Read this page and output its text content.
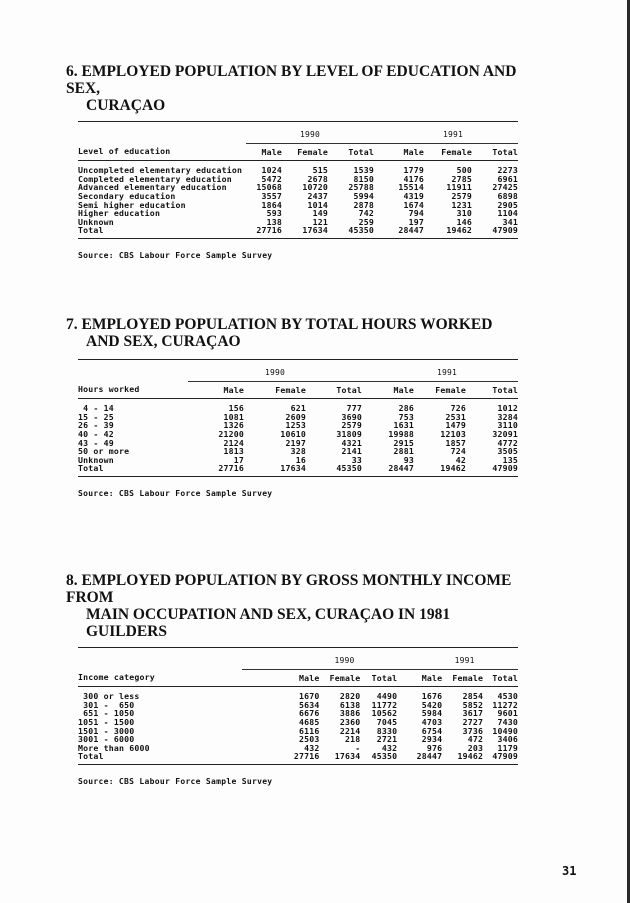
6. EMPLOYED POPULATION BY LEVEL OF EDUCATION AND SEX,
CURAÇAO

	1990			1991		
Level of education	Male	Female	Total	Male	Female	Total
Uncompleted elementary education	1024	515	1539	1779	500	2273
Completed elementary education	5472	2678	8150	4176	2785	6961
Advanced elementary education	15068	10720	25788	15514	11911	27425
Secondary education	3557	2437	5994	4319	2579	6898
Semi higher education	1864	1014	2878	1674	1231	2905
Higher education	593	149	742	794	310	1104
Unknown	138	121	259	197	146	341
Total	27716	17634	45350	28447	19462	47909
Source: CBS Labour Force Sample Survey
7. EMPLOYED POPULATION BY TOTAL HOURS WORKED
AND SEX, CURAÇAO

	1990			1991		
Hours worked	Male	Female	Total	Male	Female	Total
4 - 14	156	621	777	286	726	1012
15 - 25	1081	2609	3690	753	2531	3284
26 - 39	1326	1253	2579	1631	1479	3110
40 - 42	21200	10610	31809	19988	12103	32091
43 - 49	2124	2197	4321	2915	1857	4772
50 or more	1813	328	2141	2881	724	3505
Unknown	17	16	33	93	42	135
Total	27716	17634	45350	28447	19462	47909
Source: CBS Labour Force Sample Survey
8. EMPLOYED POPULATION BY GROSS MONTHLY INCOME FROM
MAIN OCCUPATION AND SEX, CURAÇAO IN 1981 GUILDERS

	1990			1991		
Income category	Male	Female	Total	Male	Female	Total
300 or less	1670	2820	4490	1676	2854	4530
301 -  650	5634	6138	11772	5420	5852	11272
651 - 1050	6676	3886	10562	5984	3617	9601
1051 - 1500	4685	2360	7045	4703	2727	7430
1501 - 3000	6116	2214	8330	6754	3736	10490
3001 - 6000	2503	218	2721	2934	472	3406
More than 6000	432	-	432	976	203	1179
Total	27716	17634	45350	28447	19462	47909
Source: CBS Labour Force Sample Survey
31
